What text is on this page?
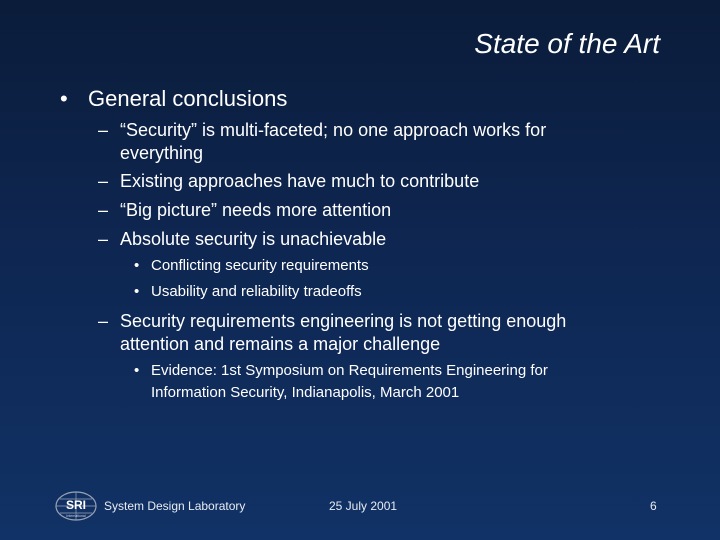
State of the Art
• General conclusions
– “Security” is multi-faceted; no one approach works for
everything
– Existing approaches have much to contribute
– “Big picture” needs more attention
– Absolute security is unachievable
• Conflicting security requirements
• Usability and reliability tradeoffs
– Security requirements engineering is not getting enough
attention and remains a major challenge
• Evidence: 1st Symposium on Requirements Engineering for
Information Security, Indianapolis, March 2001
SRI
International
System Design Laboratory	25 July 2001	6
